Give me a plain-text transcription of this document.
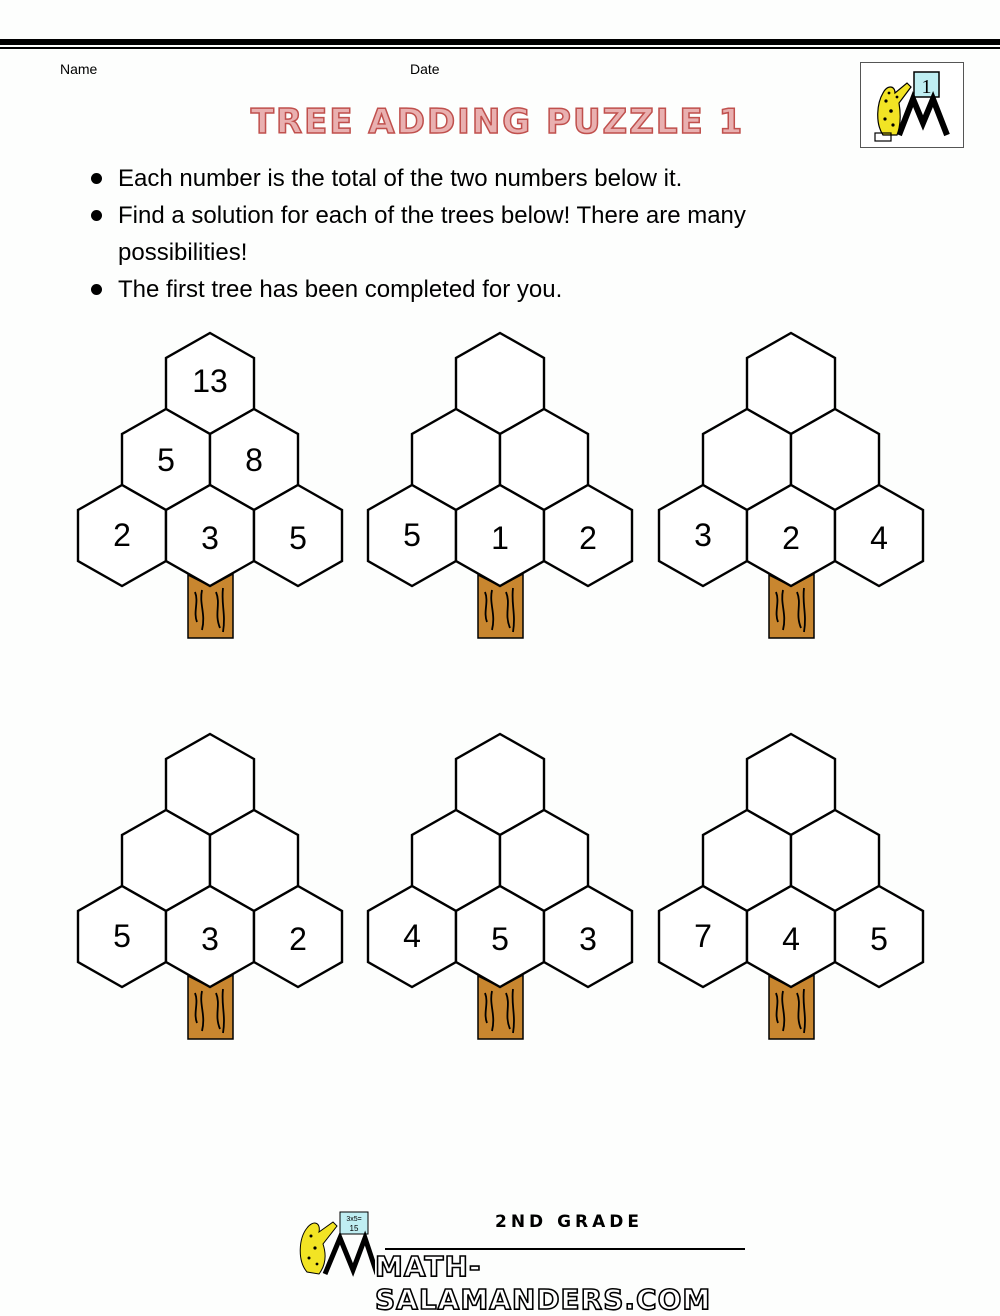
Name	Date
TREE ADDING PUZZLE 1
1
Each number is the total of the two numbers below it.
Find a solution for each of the trees below! There are many possibilities!
The first tree has been completed for you.
13
5	8
2	3	5	5	1	2	3	2	4
5	3	2	4	5	3	7	4	5
3x5=
15	2ND GRADE
MATH-SALAMANDERS.COM
